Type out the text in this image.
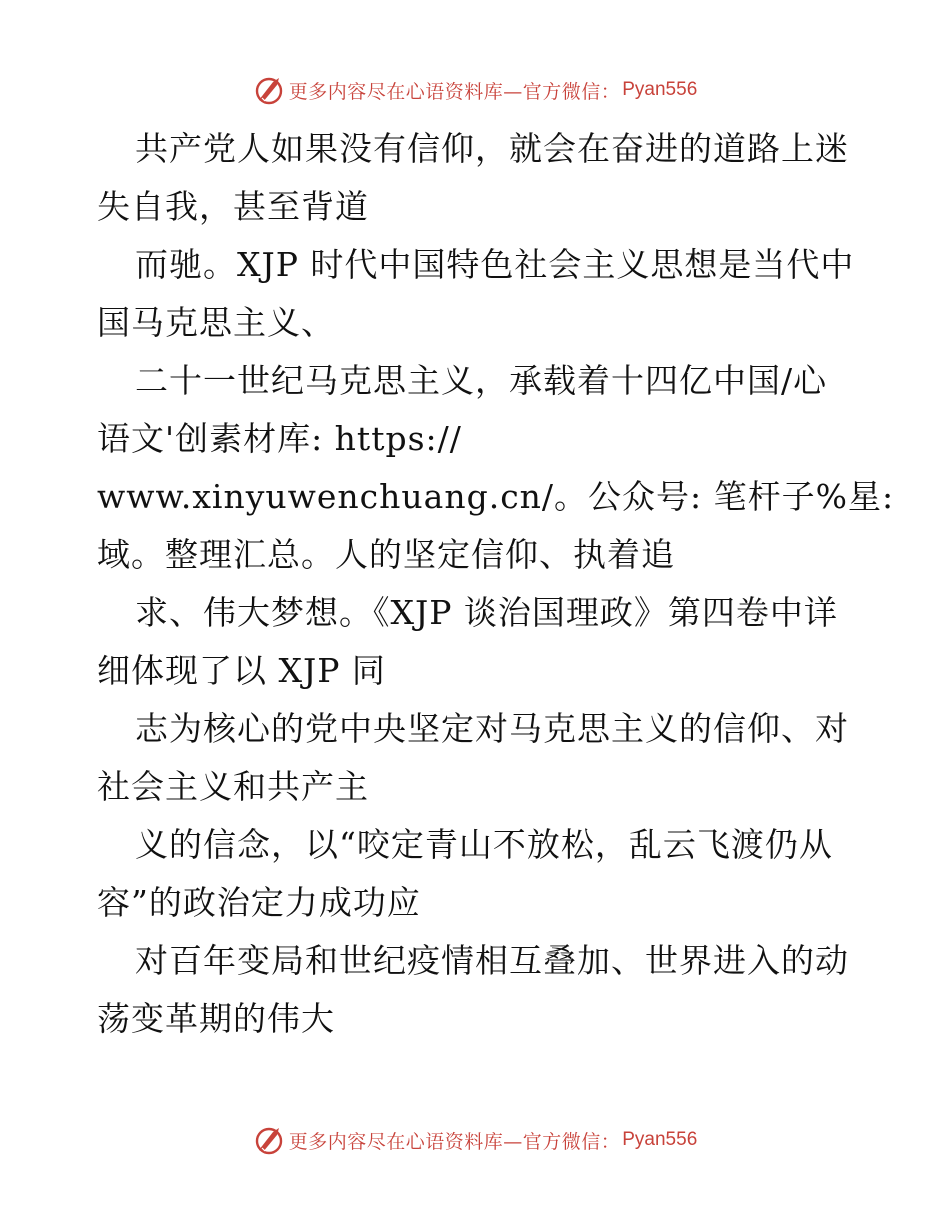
更多内容尽在心语资料库—官方微信： Pyan556
共产党人如果没有信仰，就会在奋进的道路上迷
失自我，甚至背道
而驰。XJP 时代中国特色社会主义思想是当代中
国马克思主义、
二十一世纪马克思主义，承载着十四亿中国/心
语文'创素材库: https://
www.xinyuwenchuang.cn/。公众号: 笔杆子%星:
域。整理汇总。人的坚定信仰、执着追
求、伟大梦想。《XJP 谈治国理政》第四卷中详
细体现了以 XJP 同
志为核心的党中央坚定对马克思主义的信仰、对
社会主义和共产主
义的信念，以“咬定青山不放松，乱云飞渡仍从
容”的政治定力成功应
对百年变局和世纪疫情相互叠加、世界进入的动
荡变革期的伟大
更多内容尽在心语资料库—官方微信： Pyan556
